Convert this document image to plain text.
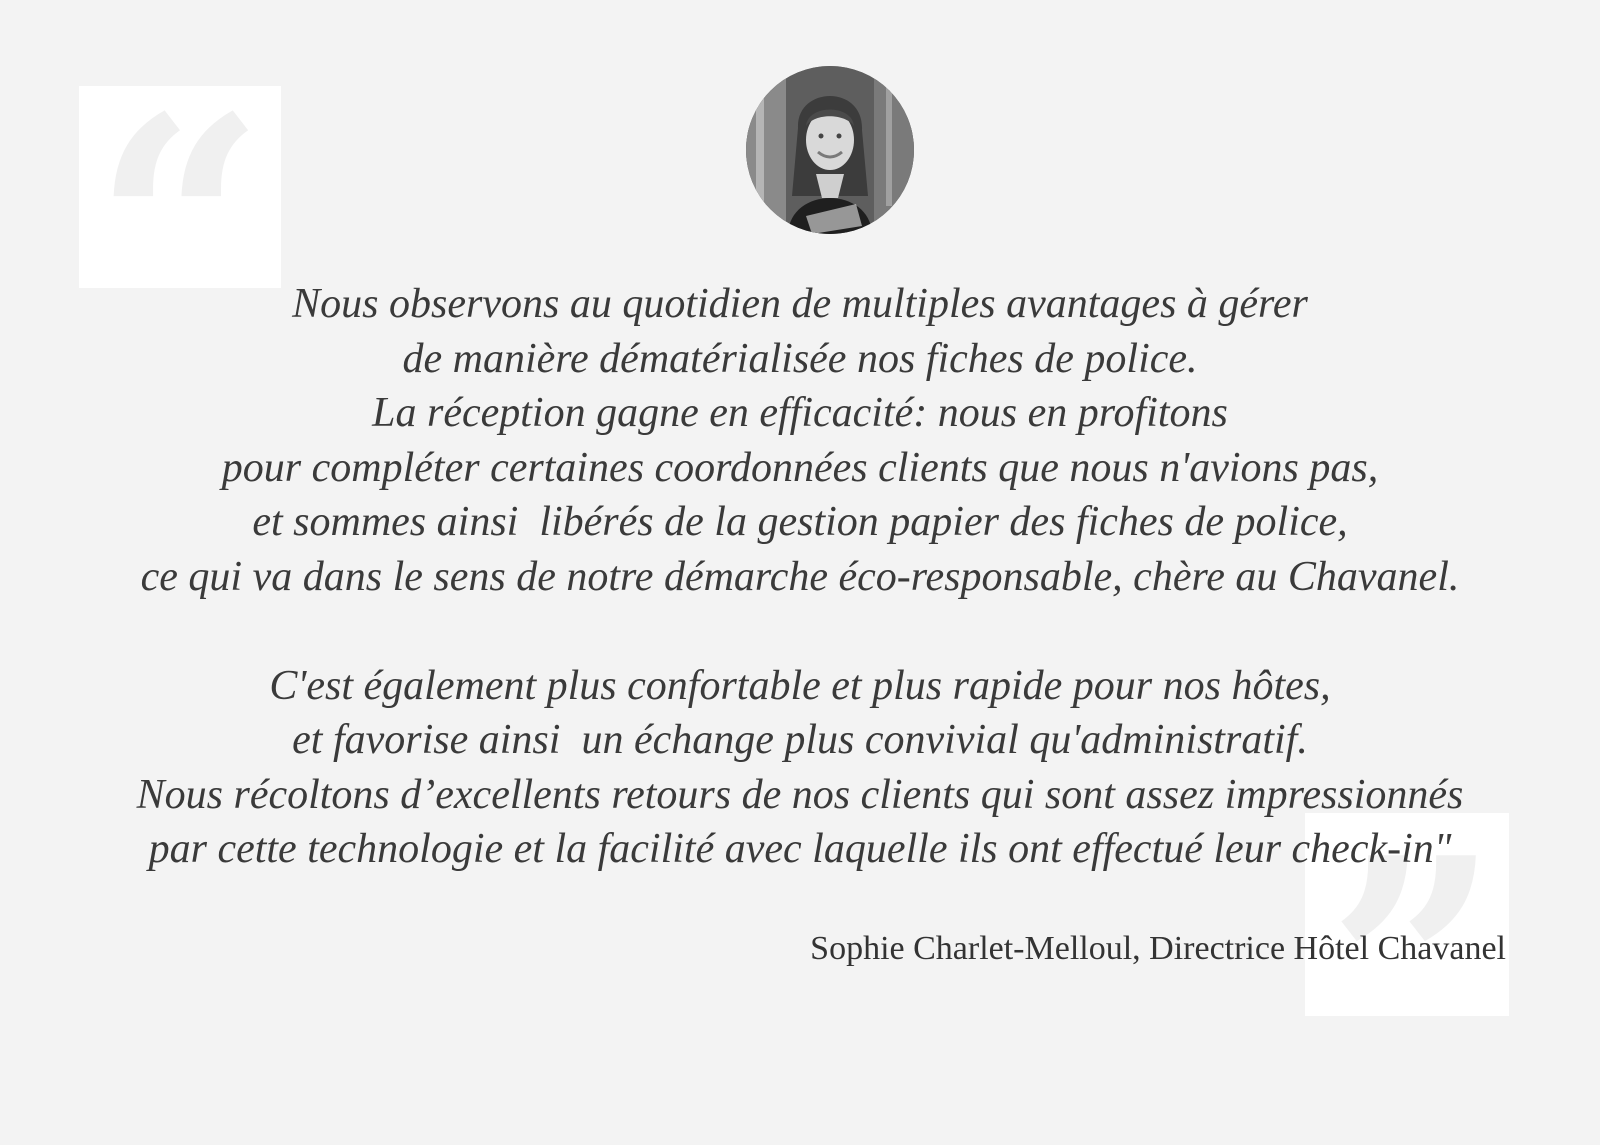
“
”
Nous observons au quotidien de multiples avantages à gérer
de manière dématérialisée nos fiches de police.
La réception gagne en efficacité: nous en profitons
pour compléter certaines coordonnées clients que nous n'avions pas,
et sommes ainsi  libérés de la gestion papier des fiches de police,
ce qui va dans le sens de notre démarche éco-responsable, chère au Chavanel.
C'est également plus confortable et plus rapide pour nos hôtes,
et favorise ainsi  un échange plus convivial qu'administratif.
Nous récoltons d’excellents retours de nos clients qui sont assez impressionnés
par cette technologie et la facilité avec laquelle ils ont effectué leur check-in"
Sophie Charlet-Melloul, Directrice Hôtel Chavanel
